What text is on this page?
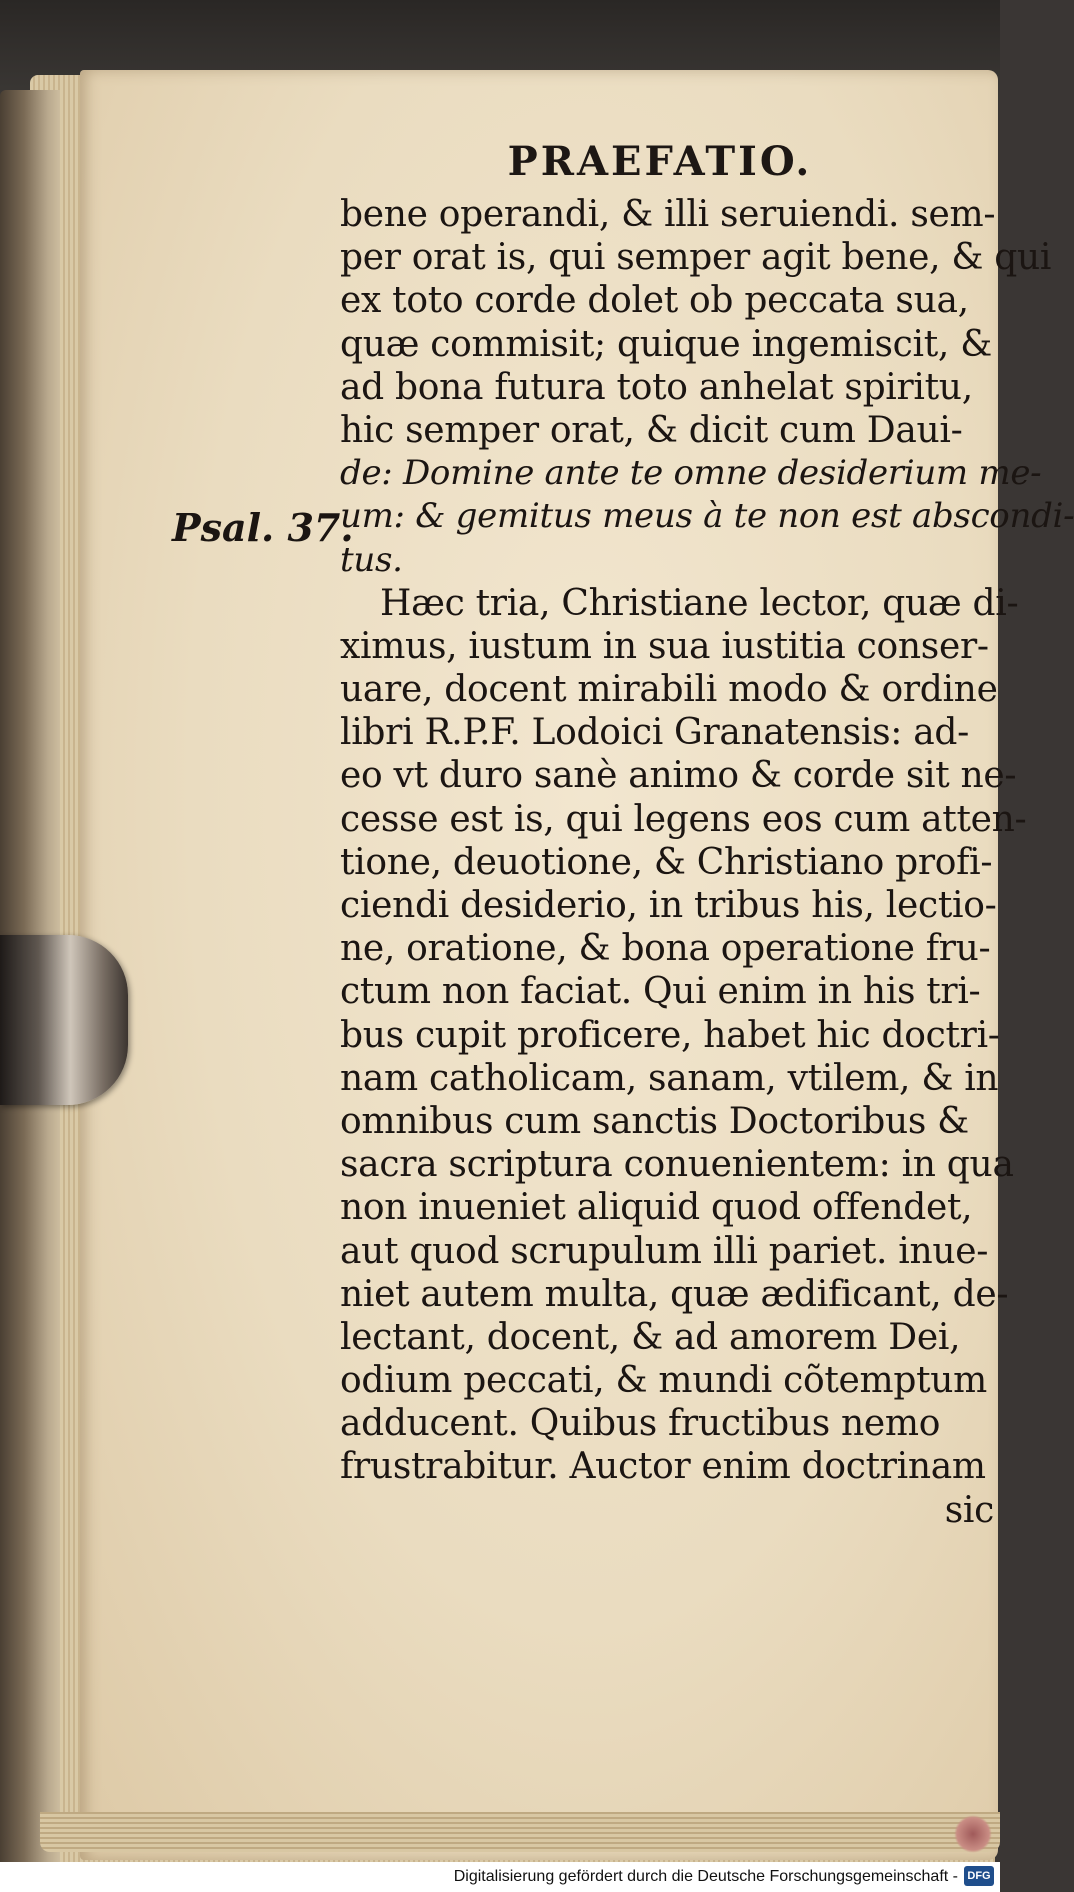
PRAEFATIO.
Psal. 37.
bene operandi, & illi seruiendi. sem-
per orat is, qui semper agit bene, & qui
ex toto corde dolet ob peccata sua,
quæ commisit; quique ingemiscit, &
ad bona futura toto anhelat spiritu,
hic semper orat, & dicit cum Daui-
de: Domine ante te omne desiderium me-
um: & gemitus meus à te non est abscondi-
tus.
Hæc tria, Christiane lector, quæ di-
ximus, iustum in sua iustitia conser-
uare, docent mirabili modo & ordine
libri R.P.F. Lodoici Granatensis: ad-
eo vt duro sanè animo & corde sit ne-
cesse est is, qui legens eos cum atten-
tione, deuotione, & Christiano profi-
ciendi desiderio, in tribus his, lectio-
ne, oratione, & bona operatione fru-
ctum non faciat. Qui enim in his tri-
bus cupit proficere, habet hic doctri-
nam catholicam, sanam, vtilem, & in
omnibus cum sanctis Doctoribus &
sacra scriptura conuenientem: in qua
non inueniet aliquid quod offendet,
aut quod scrupulum illi pariet. inue-
niet autem multa, quæ ædificant, de-
lectant, docent, & ad amorem Dei,
odium peccati, & mundi cõtemptum
adducent. Quibus fructibus nemo
frustrabitur. Auctor enim doctrinam
sic
Digitalisierung gefördert durch die Deutsche Forschungsgemeinschaft - DFG
